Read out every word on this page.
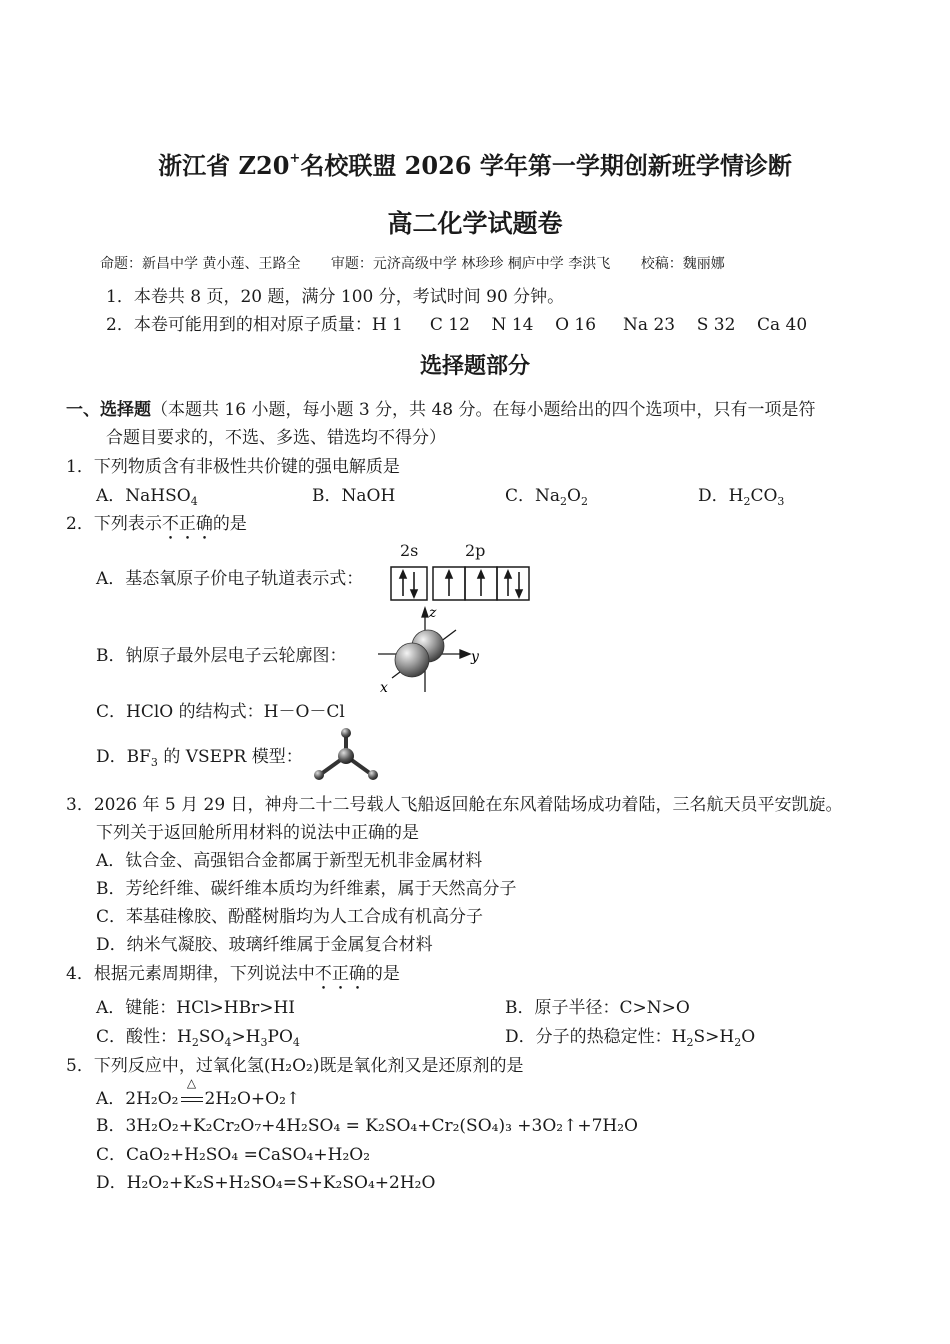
浙江省 Z20+名校联盟 2026 学年第一学期创新班学情诊断
高二化学试题卷
命题：新昌中学 黄小莲、王路全 审题：元济高级中学 林珍珍 桐庐中学 李洪飞 校稿：魏丽娜
1．本卷共 8 页，20 题，满分 100 分，考试时间 90 分钟。
2．本卷可能用到的相对原子质量：H 1     C 12    N 14    O 16     Na 23    S 32    Ca 40
选择题部分
一、选择题（本题共 16 小题，每小题 3 分，共 48 分。在每小题给出的四个选项中，只有一项是符
合题目要求的，不选、多选、错选均不得分）
1．下列物质含有非极性共价键的强电解质是
A．NaHSO$_4$	B．NaOH	C．$Na_2O_2$	D．$H_2CO_3$
2．下列表示不正确的是
A．基态氧原子价电子轨道表示式：
2s	2p
B．钠原子最外层电子云轮廓图：
z
y
x
C．HClO 的结构式：H－O－Cl
D．$BF_3$ 的 VSEPR 模型：
3．2026 年 5 月 29 日，神舟二十二号载人飞船返回舱在东风着陆场成功着陆，三名航天员平安凯旋。
下列关于返回舱所用材料的说法中正确的是
A．钛合金、高强铝合金都属于新型无机非金属材料
B．芳纶纤维、碳纤维本质均为纤维素，属于天然高分子
C．苯基硅橡胶、酚醛树脂均为人工合成有机高分子
D．纳米气凝胶、玻璃纤维属于金属复合材料
4．根据元素周期律，下列说法中不正确的是
A．键能：HCl>HBr>HI	B．原子半径：C>N>O
C．酸性：$H_2SO_4>H_3PO_4$	D．分子的热稳定性：$H_2S>H_2O$
5．下列反应中，过氧化氢(H₂O₂)既是氧化剂又是还原剂的是
A．2H₂O₂
△
2H₂O+O₂↑
B．3H₂O₂+K₂Cr₂O₇+4H₂SO₄ = K₂SO₄+Cr₂(SO₄)₃ +3O₂↑+7H₂O
C．CaO₂+H₂SO₄ =CaSO₄+H₂O₂
D．H₂O₂+K₂S+H₂SO₄=S+K₂SO₄+2H₂O
